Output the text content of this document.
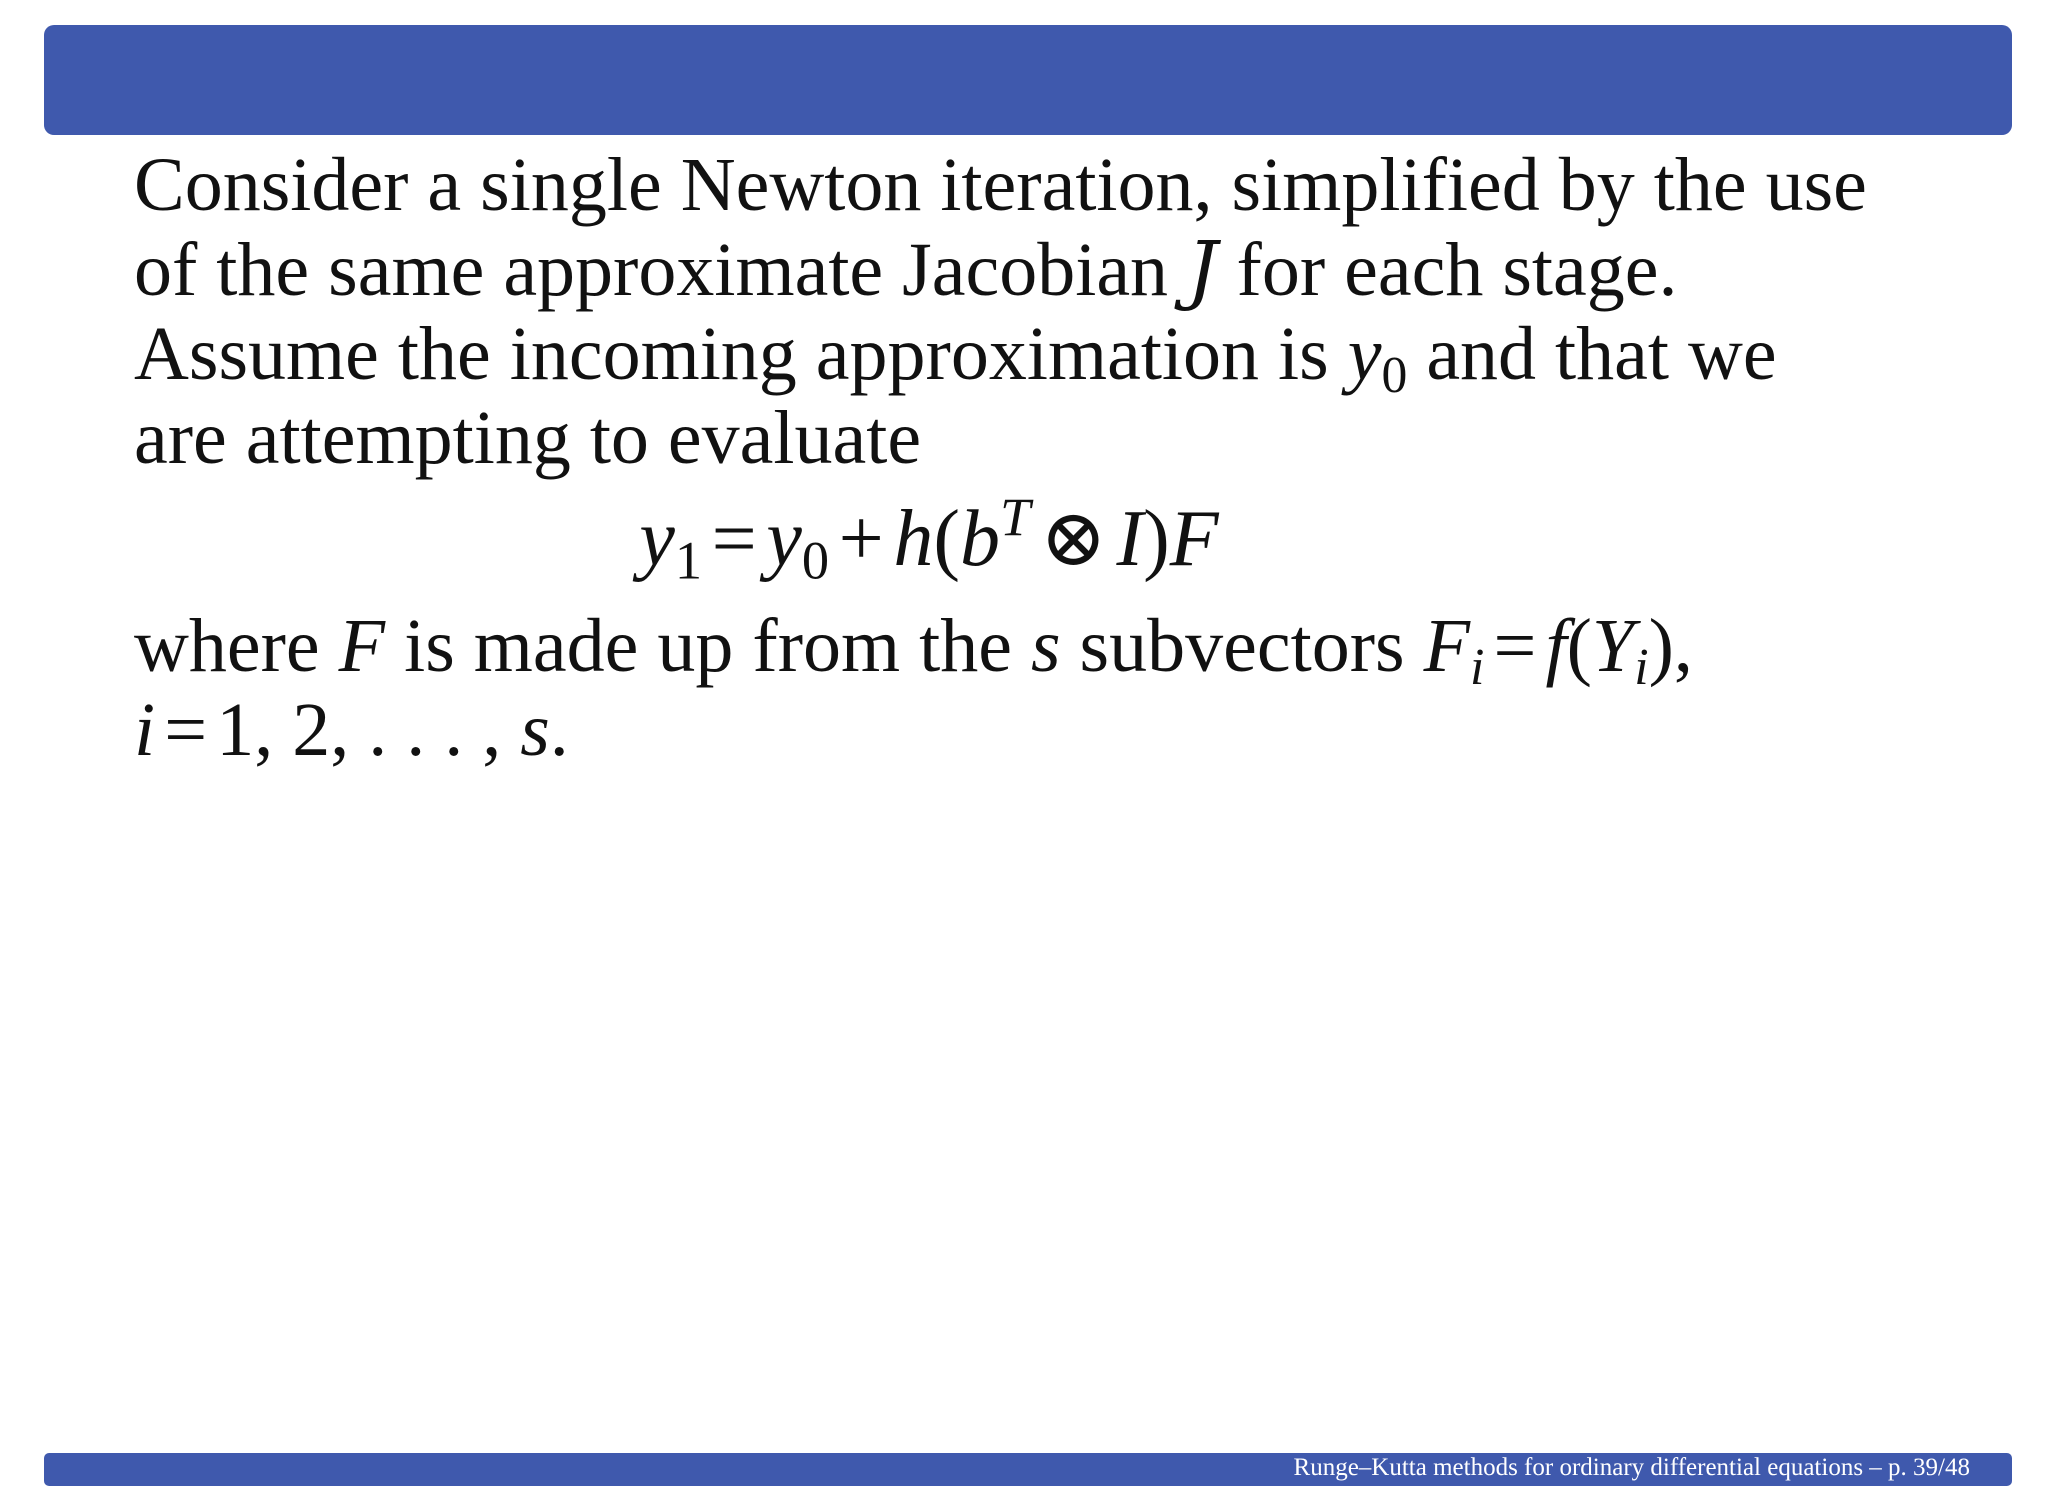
Consider a single Newton iteration, simplified by the use
of the same approximate Jacobian J for each stage.
Assume the incoming approximation is $y_0$ and that we
are attempting to evaluate

$y_1 = y_0 + h(b^T$ ⊗ I)F

where F is made up from the s subvectors $F_i = f(Y_i)$,
i = 1, 2, . . . , s.

Runge–Kutta methods for ordinary differential equations – p. 39/48
